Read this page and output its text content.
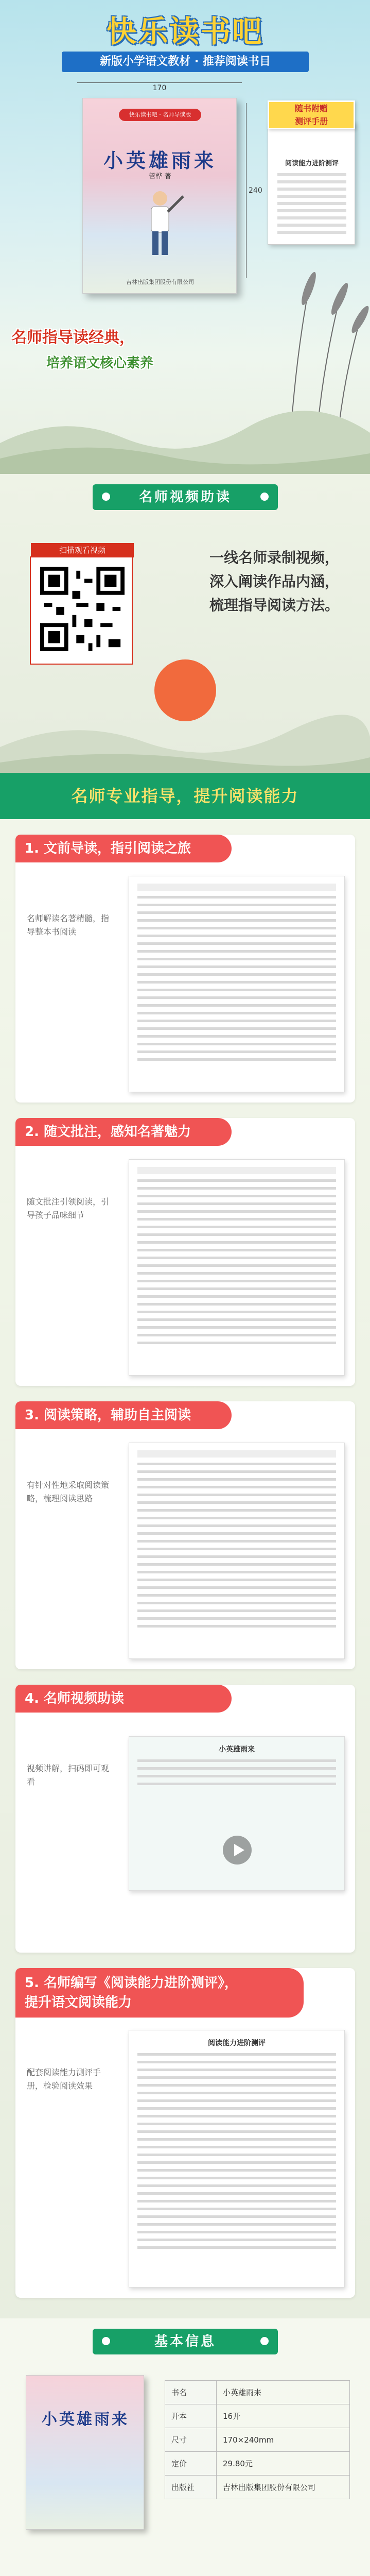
快乐读书吧
新版小学语文教材 · 推荐阅读书目
170
240
快乐读书吧 · 名师导读版
小英雄雨来
管桦 著
吉林出版集团股份有限公司
阅读能力进阶测评
随书附赠
测评手册
名师指导读经典，
培养语文核心素养
名师视频助读
一线名师录制视频，
深入阐读作品内涵，
梳理指导阅读方法。
扫描观看视频
名师专业指导，提升阅读能力
1. 文前导读，指引阅读之旅
名师解读名著精髓，指导整本书阅读
2. 随文批注，感知名著魅力
随文批注引领阅读，引导孩子品味细节
3. 阅读策略，辅助自主阅读
有针对性地采取阅读策略，梳理阅读思路
4. 名师视频助读
视频讲解，扫码即可观看
小英雄雨来
5. 名师编写《阅读能力进阶测评》，
提升语文阅读能力
配套阅读能力测评手册，检验阅读效果
阅读能力进阶测评
基本信息
小英雄雨来
书名	小英雄雨来
开本	16开
尺寸	170×240mm
定价	29.80元
出版社	吉林出版集团股份有限公司
